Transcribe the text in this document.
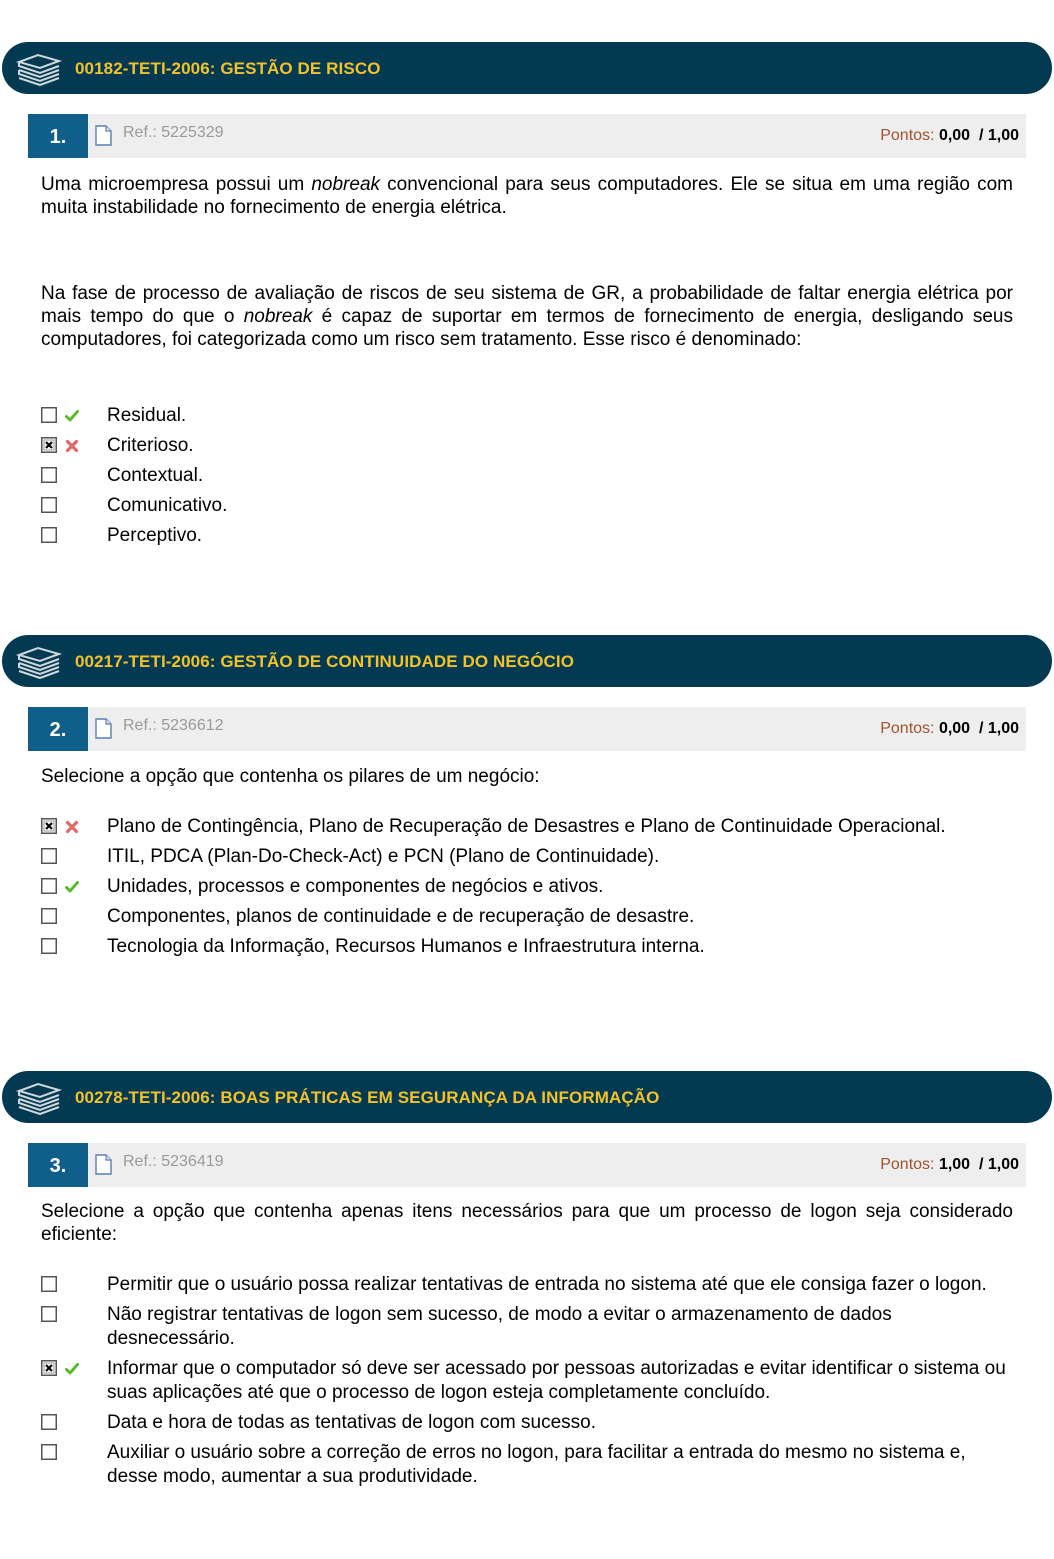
00182-TETI-2006: GESTÃO DE RISCO
1.	Ref.: 5225329	Pontos: 0,00 / 1,00
Uma microempresa possui um nobreak convencional para seus computadores. Ele se situa em uma região com muita instabilidade no fornecimento de energia elétrica.
Na fase de processo de avaliação de riscos de seu sistema de GR, a probabilidade de faltar energia elétrica por mais tempo do que o nobreak é capaz de suportar em termos de fornecimento de energia, desligando seus computadores, foi categorizada como um risco sem tratamento. Esse risco é denominado:
Residual.
Criterioso.
Contextual.
Comunicativo.
Perceptivo.
00217-TETI-2006: GESTÃO DE CONTINUIDADE DO NEGÓCIO
2.	Ref.: 5236612	Pontos: 0,00 / 1,00
Selecione a opção que contenha os pilares de um negócio:
Plano de Contingência, Plano de Recuperação de Desastres e Plano de Continuidade Operacional.
ITIL, PDCA (Plan-Do-Check-Act) e PCN (Plano de Continuidade).
Unidades, processos e componentes de negócios e ativos.
Componentes, planos de continuidade e de recuperação de desastre.
Tecnologia da Informação, Recursos Humanos e Infraestrutura interna.
00278-TETI-2006: BOAS PRÁTICAS EM SEGURANÇA DA INFORMAÇÃO
3.	Ref.: 5236419	Pontos: 1,00 / 1,00
Selecione a opção que contenha apenas itens necessários para que um processo de logon seja considerado eficiente:
Permitir que o usuário possa realizar tentativas de entrada no sistema até que ele consiga fazer o logon.
Não registrar tentativas de logon sem sucesso, de modo a evitar o armazenamento de dados desnecessário.
Informar que o computador só deve ser acessado por pessoas autorizadas e evitar identificar o sistema ou suas aplicações até que o processo de logon esteja completamente concluído.
Data e hora de todas as tentativas de logon com sucesso.
Auxiliar o usuário sobre a correção de erros no logon, para facilitar a entrada do mesmo no sistema e, desse modo, aumentar a sua produtividade.
